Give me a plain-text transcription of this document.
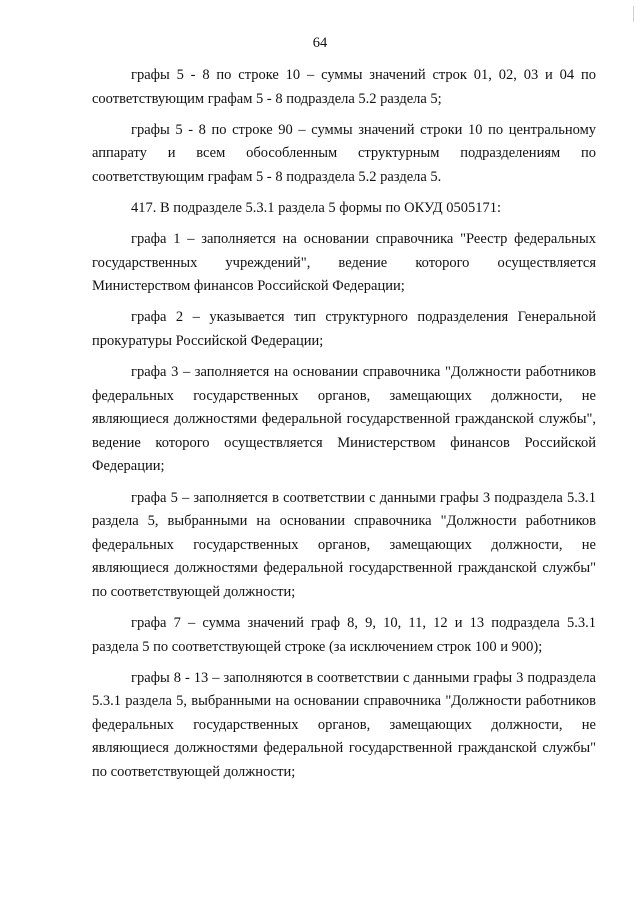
64

графы 5 - 8 по строке 10 – суммы значений строк 01, 02, 03 и 04 по соответствующим графам 5 - 8 подраздела 5.2 раздела 5;

графы 5 - 8 по строке 90 – суммы значений строки 10 по центральному аппарату и всем обособленным структурным подразделениям по соответствующим графам 5 - 8 подраздела 5.2 раздела 5.

417. В подразделе 5.3.1 раздела 5 формы по ОКУД 0505171:

графа 1 – заполняется на основании справочника "Реестр федеральных государственных учреждений", ведение которого осуществляется Министерством финансов Российской Федерации;

графа 2 – указывается тип структурного подразделения Генеральной прокуратуры Российской Федерации;

графа 3 – заполняется на основании справочника "Должности работников федеральных государственных органов, замещающих должности, не являющиеся должностями федеральной государственной гражданской службы", ведение которого осуществляется Министерством финансов Российской Федерации;

графа 5 – заполняется в соответствии с данными графы 3 подраздела 5.3.1 раздела 5, выбранными на основании справочника "Должности работников федеральных государственных органов, замещающих должности, не являющиеся должностями федеральной государственной гражданской службы" по соответствующей должности;

графа 7 – сумма значений граф 8, 9, 10, 11, 12 и 13 подраздела 5.3.1 раздела 5 по соответствующей строке (за исключением строк 100 и 900);

графы 8 - 13 – заполняются в соответствии с данными графы 3 подраздела 5.3.1 раздела 5, выбранными на основании справочника "Должности работников федеральных государственных органов, замещающих должности, не являющиеся должностями федеральной государственной гражданской службы" по соответствующей должности;
